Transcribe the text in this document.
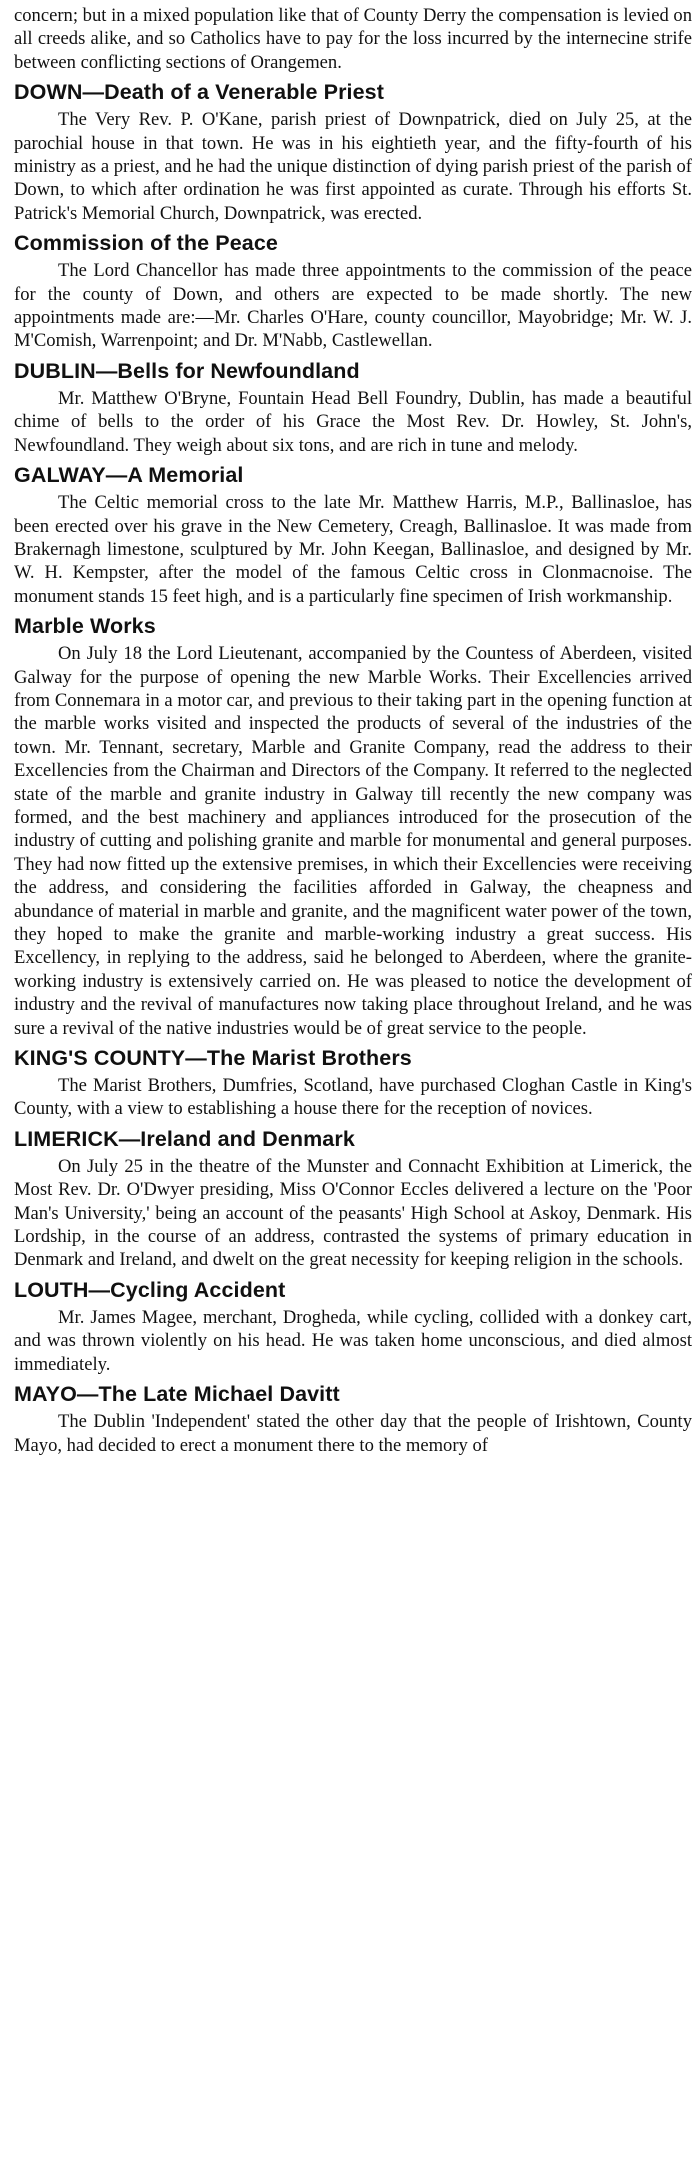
concern; but in a mixed population like that of County Derry the compensation is levied on all creeds alike, and so Catholics have to pay for the loss incurred by the internecine strife between conflicting sections of Orangemen.

DOWN—Death of a Venerable Priest

The Very Rev. P. O'Kane, parish priest of Downpatrick, died on July 25, at the parochial house in that town. He was in his eightieth year, and the fifty-fourth of his ministry as a priest, and he had the unique distinction of dying parish priest of the parish of Down, to which after ordination he was first appointed as curate. Through his efforts St. Patrick's Memorial Church, Downpatrick, was erected.

Commission of the Peace

The Lord Chancellor has made three appointments to the commission of the peace for the county of Down, and others are expected to be made shortly. The new appointments made are:—Mr. Charles O'Hare, county councillor, Mayobridge; Mr. W. J. M'Comish, Warrenpoint; and Dr. M'Nabb, Castlewellan.

DUBLIN—Bells for Newfoundland

Mr. Matthew O'Bryne, Fountain Head Bell Foundry, Dublin, has made a beautiful chime of bells to the order of his Grace the Most Rev. Dr. Howley, St. John's, Newfoundland. They weigh about six tons, and are rich in tune and melody.

GALWAY—A Memorial

The Celtic memorial cross to the late Mr. Matthew Harris, M.P., Ballinasloe, has been erected over his grave in the New Cemetery, Creagh, Ballinasloe. It was made from Brakernagh limestone, sculptured by Mr. John Keegan, Ballinasloe, and designed by Mr. W. H. Kempster, after the model of the famous Celtic cross in Clonmacnoise. The monument stands 15 feet high, and is a particularly fine specimen of Irish workmanship.

Marble Works

On July 18 the Lord Lieutenant, accompanied by the Countess of Aberdeen, visited Galway for the purpose of opening the new Marble Works. Their Excellencies arrived from Connemara in a motor car, and previous to their taking part in the opening function at the marble works visited and inspected the products of several of the industries of the town. Mr. Tennant, secretary, Marble and Granite Company, read the address to their Excellencies from the Chairman and Directors of the Company. It referred to the neglected state of the marble and granite industry in Galway till recently the new company was formed, and the best machinery and appliances introduced for the prosecution of the industry of cutting and polishing granite and marble for monumental and general purposes. They had now fitted up the extensive premises, in which their Excellencies were receiving the address, and considering the facilities afforded in Galway, the cheapness and abundance of material in marble and granite, and the magnificent water power of the town, they hoped to make the granite and marble-working industry a great success. His Excellency, in replying to the address, said he belonged to Aberdeen, where the granite-working industry is extensively carried on. He was pleased to notice the development of industry and the revival of manufactures now taking place throughout Ireland, and he was sure a revival of the native industries would be of great service to the people.

KING'S COUNTY—The Marist Brothers

The Marist Brothers, Dumfries, Scotland, have purchased Cloghan Castle in King's County, with a view to establishing a house there for the reception of novices.

LIMERICK—Ireland and Denmark

On July 25 in the theatre of the Munster and Connacht Exhibition at Limerick, the Most Rev. Dr. O'Dwyer presiding, Miss O'Connor Eccles delivered a lecture on the 'Poor Man's University,' being an account of the peasants' High School at Askoy, Denmark. His Lordship, in the course of an address, contrasted the systems of primary education in Denmark and Ireland, and dwelt on the great necessity for keeping religion in the schools.

LOUTH—Cycling Accident

Mr. James Magee, merchant, Drogheda, while cycling, collided with a donkey cart, and was thrown violently on his head. He was taken home unconscious, and died almost immediately.

MAYO—The Late Michael Davitt

The Dublin 'Independent' stated the other day that the people of Irishtown, County Mayo, had decided to erect a monument there to the memory of
